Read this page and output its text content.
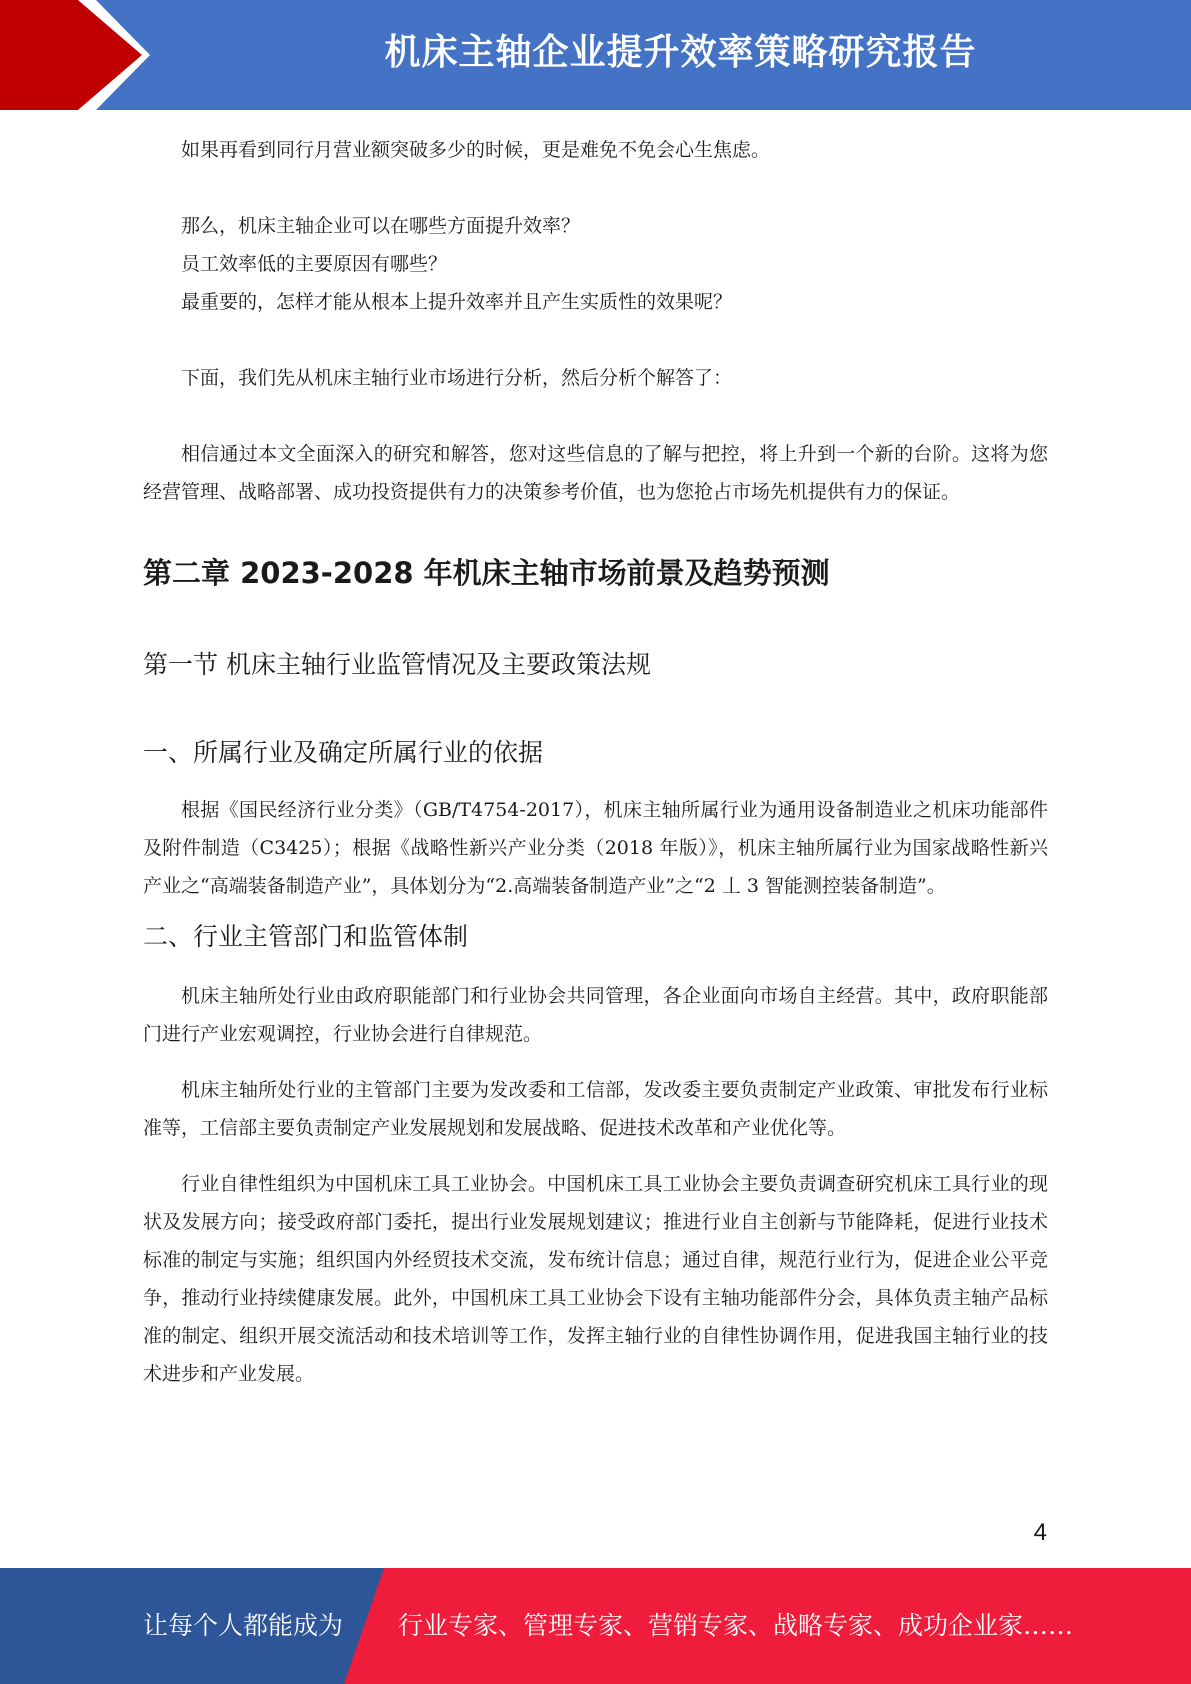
机床主轴企业提升效率策略研究报告

如果再看到同行月营业额突破多少的时候，更是难免不免会心生焦虑。

那么，机床主轴企业可以在哪些方面提升效率？

员工效率低的主要原因有哪些？

最重要的，怎样才能从根本上提升效率并且产生实质性的效果呢？

下面，我们先从机床主轴行业市场进行分析，然后分析个解答了：

相信通过本文全面深入的研究和解答，您对这些信息的了解与把控，将上升到一个新的台阶。这将为您经营管理、战略部署、成功投资提供有力的决策参考价值，也为您抢占市场先机提供有力的保证。

第二章 2023-2028 年机床主轴市场前景及趋势预测
第一节 机床主轴行业监管情况及主要政策法规
一、所属行业及确定所属行业的依据

根据《国民经济行业分类》（GB/T4754-2017），机床主轴所属行业为通用设备制造业之机床功能部件及附件制造（C3425）；根据《战略性新兴产业分类（2018 年版）》，机床主轴所属行业为国家战略性新兴产业之“高端装备制造产业”，具体划分为“2.高端装备制造产业”之“2 丄 3 智能测控装备制造”。

二、行业主管部门和监管体制

机床主轴所处行业由政府职能部门和行业协会共同管理，各企业面向市场自主经营。其中，政府职能部门进行产业宏观调控，行业协会进行自律规范。

机床主轴所处行业的主管部门主要为发改委和工信部，发改委主要负责制定产业政策、审批发布行业标准等，工信部主要负责制定产业发展规划和发展战略、促进技术改革和产业优化等。

行业自律性组织为中国机床工具工业协会。中国机床工具工业协会主要负责调查研究机床工具行业的现状及发展方向；接受政府部门委托，提出行业发展规划建议；推进行业自主创新与节能降耗，促进行业技术标准的制定与实施；组织国内外经贸技术交流，发布统计信息；通过自律，规范行业行为，促进企业公平竞争，推动行业持续健康发展。此外，中国机床工具工业协会下设有主轴功能部件分会，具体负责主轴产品标准的制定、组织开展交流活动和技术培训等工作，发挥主轴行业的自律性协调作用，促进我国主轴行业的技术进步和产业发展。

4
让每个人都能成为 行业专家、管理专家、营销专家、战略专家、成功企业家……
